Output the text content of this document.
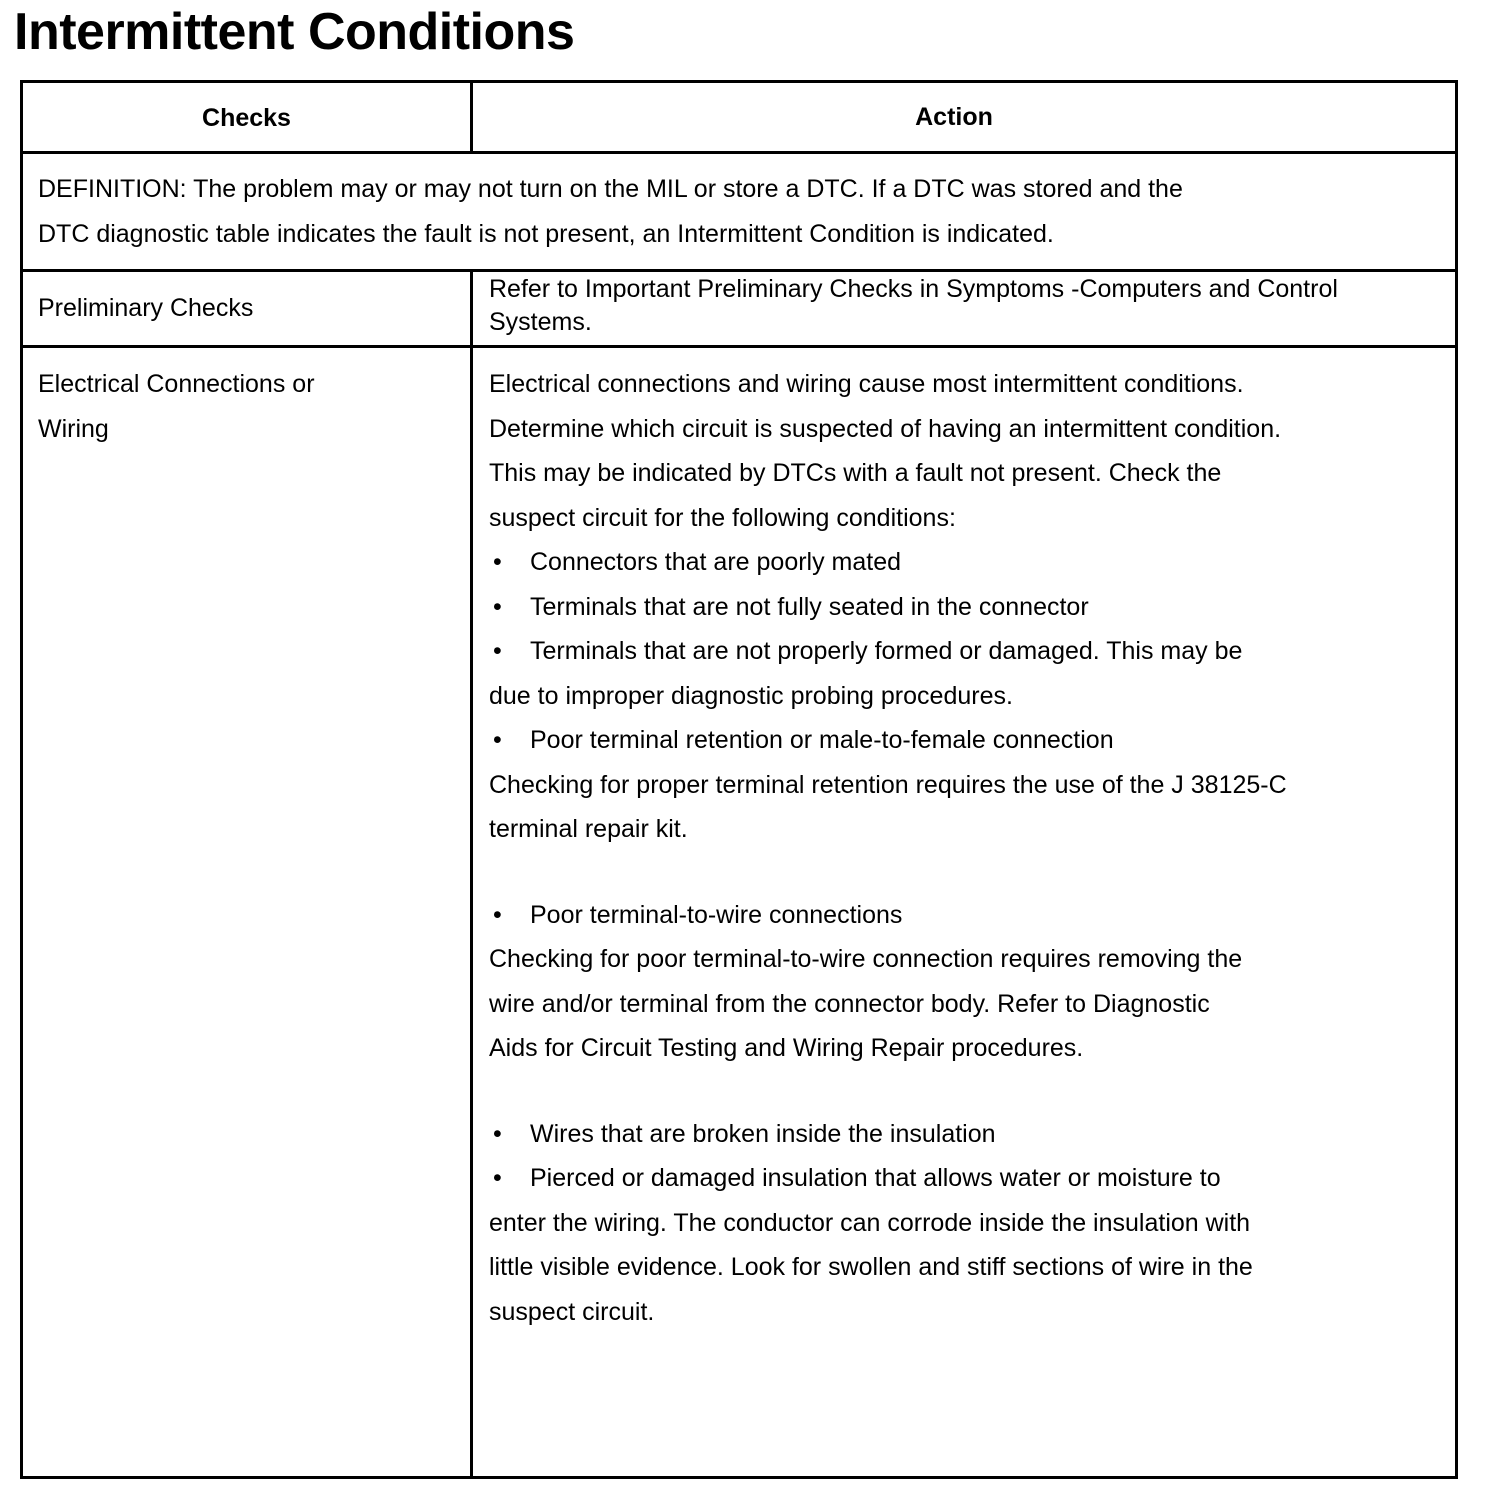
Intermittent Conditions
Checks	Action
DEFINITION: The problem may or may not turn on the MIL or store a DTC. If a DTC was stored and the
DTC diagnostic table indicates the fault is not present, an Intermittent Condition is indicated.
Preliminary Checks
Refer to Important Preliminary Checks in Symptoms -Computers and Control
Systems.
Electrical Connections or
Wiring
Electrical connections and wiring cause most intermittent conditions.
Determine which circuit is suspected of having an intermittent condition.
This may be indicated by DTCs with a fault not present. Check the
suspect circuit for the following conditions:
• Connectors that are poorly mated
• Terminals that are not fully seated in the connector
• Terminals that are not properly formed or damaged. This may be
due to improper diagnostic probing procedures.
• Poor terminal retention or male-to-female connection
Checking for proper terminal retention requires the use of the J 38125-C
terminal repair kit.
• Poor terminal-to-wire connections
Checking for poor terminal-to-wire connection requires removing the
wire and/or terminal from the connector body. Refer to Diagnostic
Aids for Circuit Testing and Wiring Repair procedures.
• Wires that are broken inside the insulation
• Pierced or damaged insulation that allows water or moisture to
enter the wiring. The conductor can corrode inside the insulation with
little visible evidence. Look for swollen and stiff sections of wire in the
suspect circuit.
